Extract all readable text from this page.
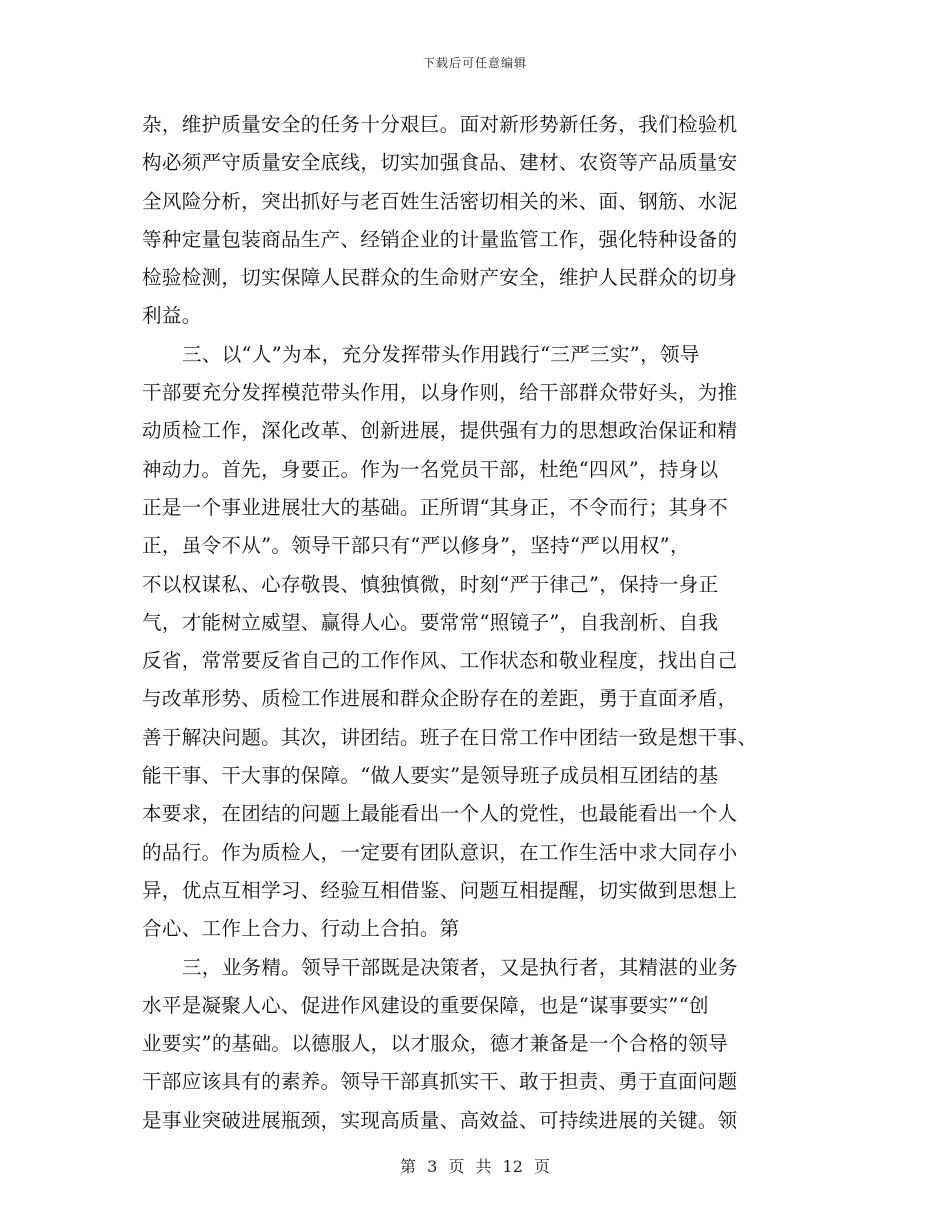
下载后可任意编辑
杂，维护质量安全的任务十分艰巨。面对新形势新任务，我们检验机
构必须严守质量安全底线，切实加强食品、建材、农资等产品质量安
全风险分析，突出抓好与老百姓生活密切相关的米、面、钢筋、水泥
等种定量包装商品生产、经销企业的计量监管工作，强化特种设备的
检验检测，切实保障人民群众的生命财产安全，维护人民群众的切身
利益。
三、以“人”为本，充分发挥带头作用践行“三严三实”，领导
干部要充分发挥模范带头作用，以身作则，给干部群众带好头，为推
动质检工作，深化改革、创新进展，提供强有力的思想政治保证和精
神动力。首先，身要正。作为一名党员干部，杜绝“四风”，持身以
正是一个事业进展壮大的基础。正所谓“其身正，不令而行；其身不
正，虽令不从”。领导干部只有“严以修身”，坚持“严以用权”，
不以权谋私、心存敬畏、慎独慎微，时刻“严于律己”，保持一身正
气，才能树立威望、赢得人心。要常常“照镜子”，自我剖析、自我
反省，常常要反省自己的工作作风、工作状态和敬业程度，找出自己
与改革形势、质检工作进展和群众企盼存在的差距，勇于直面矛盾，
善于解决问题。其次，讲团结。班子在日常工作中团结一致是想干事、
能干事、干大事的保障。“做人要实”是领导班子成员相互团结的基
本要求，在团结的问题上最能看出一个人的党性，也最能看出一个人
的品行。作为质检人，一定要有团队意识，在工作生活中求大同存小
异，优点互相学习、经验互相借鉴、问题互相提醒，切实做到思想上
合心、工作上合力、行动上合拍。第
三，业务精。领导干部既是决策者，又是执行者，其精湛的业务
水平是凝聚人心、促进作风建设的重要保障，也是“谋事要实”“创
业要实”的基础。以德服人，以才服众，德才兼备是一个合格的领导
干部应该具有的素养。领导干部真抓实干、敢于担责、勇于直面问题
是事业突破进展瓶颈，实现高质量、高效益、可持续进展的关键。领
第 3 页 共 12 页
